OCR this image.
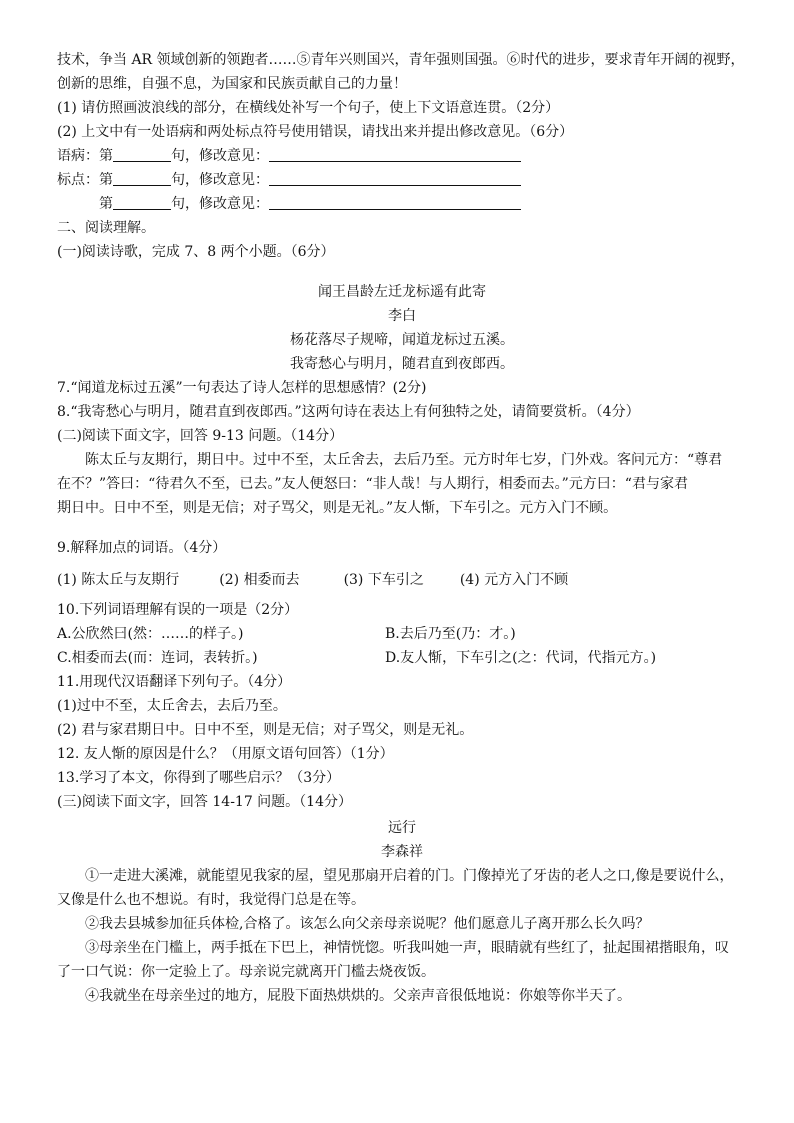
技术，争当 AR 领域创新的领跑者……⑤青年兴则国兴，青年强则国强。⑥时代的进步，要求青年开阔的视野，
创新的思维，自强不息，为国家和民族贡献自己的力量！
(1) 请仿照画波浪线的部分，在横线处补写一个句子，使上下文语意连贯。（2分）
(2) 上文中有一处语病和两处标点符号使用错误，请找出来并提出修改意见。（6分）
语病：第	句，修改意见：
标点：第	句，修改意见：
第	句，修改意见：
二、阅读理解。
(一)阅读诗歌，完成 7、8 两个小题。（6分）
闻王昌龄左迁龙标遥有此寄
李白
杨花落尽子规啼，闻道龙标过五溪。
我寄愁心与明月，随君直到夜郎西。
7.“闻道龙标过五溪”一句表达了诗人怎样的思想感情？(2分)
8.“我寄愁心与明月，随君直到夜郎西。”这两句诗在表达上有何独特之处，请简要赏析。（4分）
(二)阅读下面文字，回答 9-13 问题。（14分）
陈太丘与友期行，期日中。过中不至，太丘舍去，去后乃至。元方时年七岁，门外戏。客问元方：“尊君
在不？”答曰：“待君久不至，已去。”友人便怒曰：“非人哉！与人期行，相委而去。”元方曰：“君与家君
期日中。日中不至，则是无信；对子骂父，则是无礼。”友人惭，下车引之。元方入门不顾。
9.解释加点的词语。（4分）
(1) 陈太丘与友期行	(2) 相委而去	(3) 下车引之	(4) 元方入门不顾
10.下列词语理解有误的一项是（2分）
A.公欣然曰(然：……的样子。)	B.去后乃至(乃：才。)
C.相委而去(而：连词，表转折。)	D.友人惭，下车引之(之：代词，代指元方。)
11.用现代汉语翻译下列句子。（4分）
(1)过中不至，太丘舍去，去后乃至。
(2) 君与家君期日中。日中不至，则是无信；对子骂父，则是无礼。
12. 友人惭的原因是什么？（用原文语句回答）（1分）
13.学习了本文，你得到了哪些启示？（3分）
(三)阅读下面文字，回答 14-17 问题。（14分）
远行
李森祥
①一走进大溪滩，就能望见我家的屋，望见那扇开启着的门。门像掉光了牙齿的老人之口,像是要说什么，
又像是什么也不想说。有时，我觉得门总是在等。
②我去县城参加征兵体检,合格了。该怎么向父亲母亲说呢？他们愿意儿子离开那么长久吗？
③母亲坐在门槛上，两手抵在下巴上，神情恍惚。听我叫她一声，眼睛就有些红了，扯起围裙揩眼角，叹
了一口气说：你一定验上了。母亲说完就离开门槛去烧夜饭。
④我就坐在母亲坐过的地方，屁股下面热烘烘的。父亲声音很低地说：你娘等你半天了。
